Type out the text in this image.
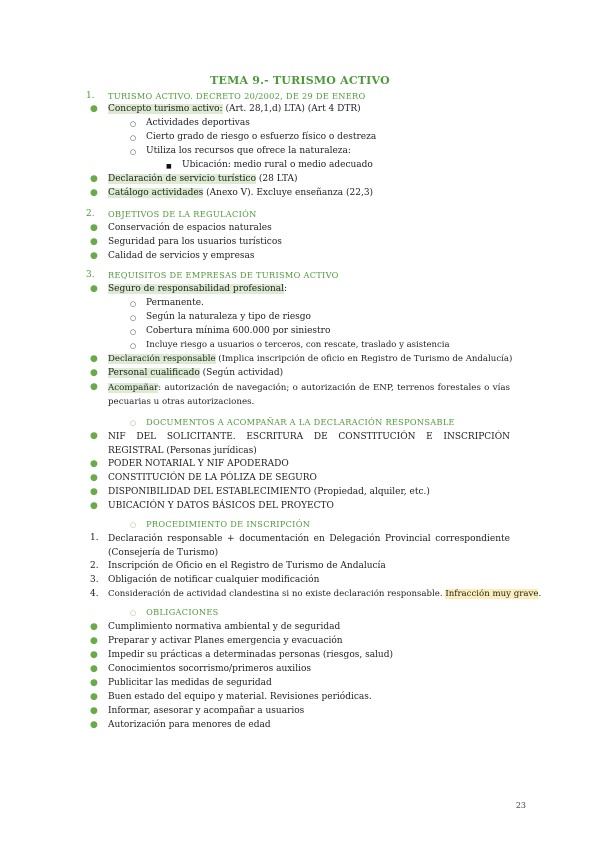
TEMA 9.- TURISMO ACTIVO
1.	TURISMO ACTIVO. DECRETO 20/2002, DE 29 DE ENERO
● Concepto turismo activo: (Art. 28,1,d) LTA) (Art 4 DTR)
○ Actividades deportivas
○ Cierto grado de riesgo o esfuerzo físico o destreza
○ Utiliza los recursos que ofrece la naturaleza:
■ Ubicación: medio rural o medio adecuado
● Declaración de servicio turístico (28 LTA)
● Catálogo actividades (Anexo V). Excluye enseñanza (22,3)
2.	OBJETIVOS DE LA REGULACIÓN
● Conservación de espacios naturales
● Seguridad para los usuarios turísticos
● Calidad de servicios y empresas
3.	REQUISITOS DE EMPRESAS DE TURISMO ACTIVO
● Seguro de responsabilidad profesional:
○ Permanente.
○ Según la naturaleza y tipo de riesgo
○ Cobertura mínima 600.000 por siniestro
○ Incluye riesgo a usuarios o terceros, con rescate, traslado y asistencia
● Declaración responsable (Implica inscripción de oficio en Registro de Turismo de Andalucía)
● Personal cualificado (Según actividad)
● Acompañar: autorización de navegación; o autorización de ENP, terrenos forestales o vías pecuarias u otras autorizaciones.
○ DOCUMENTOS A ACOMPAÑAR A LA DECLARACIÓN RESPONSABLE
● NIF DEL SOLICITANTE. ESCRITURA DE CONSTITUCIÓN E INSCRIPCIÓN REGISTRAL (Personas jurídicas)
● PODER NOTARIAL Y NIF APODERADO
● CONSTITUCIÓN DE LA PÓLIZA DE SEGURO
● DISPONIBILIDAD DEL ESTABLECIMIENTO (Propiedad, alquiler, etc.)
● UBICACIÓN Y DATOS BÁSICOS DEL PROYECTO
○ PROCEDIMIENTO DE INSCRIPCIÓN
1. Declaración responsable + documentación en Delegación Provincial correspondiente (Consejería de Turismo)
2. Inscripción de Oficio en el Registro de Turismo de Andalucía
3. Obligación de notificar cualquier modificación
4. Consideración de actividad clandestina si no existe declaración responsable. Infracción muy grave.
○ OBLIGACIONES
● Cumplimiento normativa ambiental y de seguridad
● Preparar y activar Planes emergencia y evacuación
● Impedir su prácticas a determinadas personas (riesgos, salud)
● Conocimientos socorrismo/primeros auxilios
● Publicitar las medidas de seguridad
● Buen estado del equipo y material. Revisiones periódicas.
● Informar, asesorar y acompañar a usuarios
● Autorización para menores de edad
23
